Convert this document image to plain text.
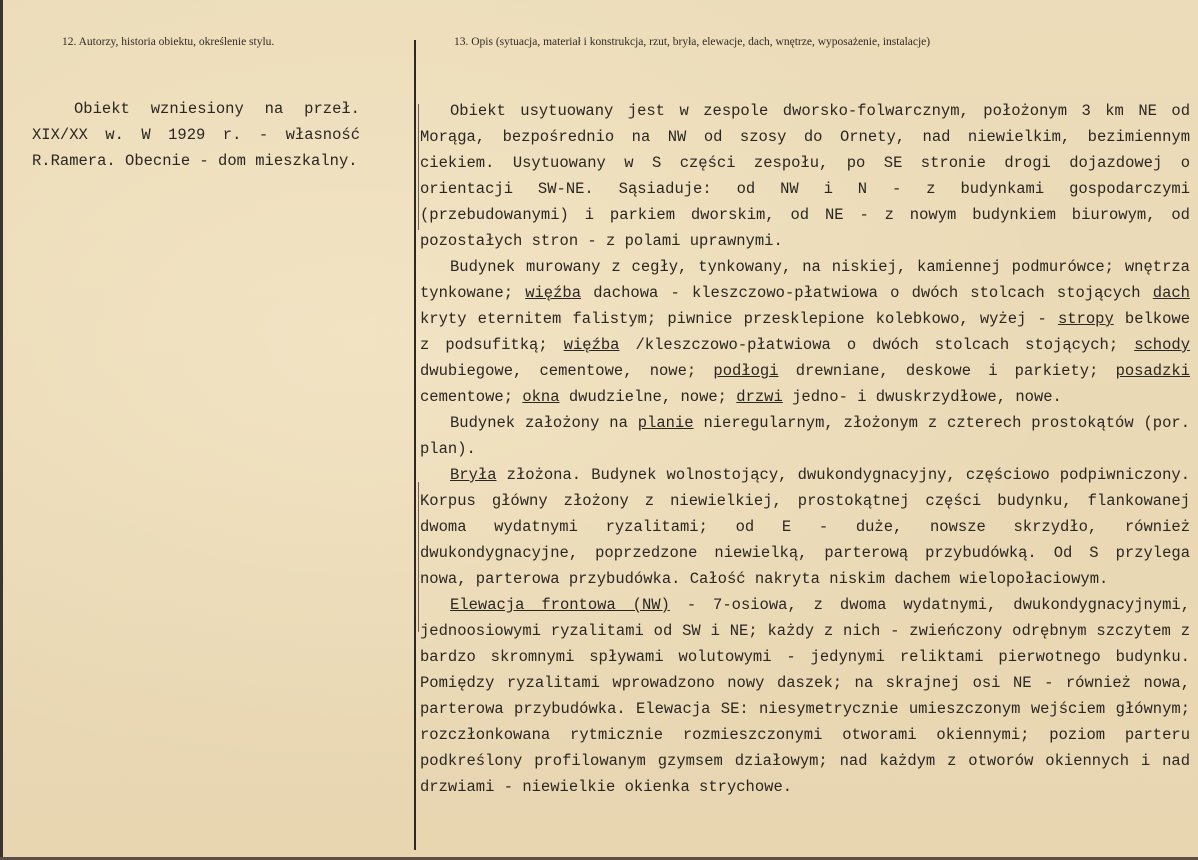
12. Autorzy, historia obiektu, określenie stylu.	13. Opis (sytuacja, materiał i konstrukcja, rzut, bryła, elewacje, dach, wnętrze, wyposażenie, instalacje)

Obiekt wzniesiony na przeł. XIX/XX w. W 1929 r. - własność R.Ramera. Obecnie - dom mieszkalny.

Obiekt usytuowany jest w zespole dworsko-folwarcznym, położonym 3 km NE od Morąga, bezpośrednio na NW od szosy do Ornety, nad niewielkim, bezimiennym ciekiem. Usytuowany w S części zespołu, po SE stronie drogi dojazdowej o orientacji SW-NE. Sąsiaduje: od NW i N - z budynkami gospodarczymi (przebudowanymi) i parkiem dworskim, od NE - z nowym budynkiem biurowym, od pozostałych stron - z polami uprawnymi.

Budynek murowany z cegły, tynkowany, na niskiej, kamiennej podmurówce; wnętrza tynkowane; więźba dachowa - kleszczowo-płatwiowa o dwóch stolcach stojących dach kryty eternitem falistym; piwnice przesklepione kolebkowo, wyżej - stropy belkowe z podsufitką; więźba /kleszczowo-płatwiowa o dwóch stolcach stojących; schody dwubiegowe, cementowe, nowe; podłogi drewniane, deskowe i parkiety; posadzki cementowe; okna dwudzielne, nowe; drzwi jedno- i dwuskrzydłowe, nowe.

Budynek założony na planie nieregularnym, złożonym z czterech prostokątów (por. plan).

Bryła złożona. Budynek wolnostojący, dwukondygnacyjny, częściowo podpiwniczony. Korpus główny złożony z niewielkiej, prostokątnej części budynku, flankowanej dwoma wydatnymi ryzalitami; od E - duże, nowsze skrzydło, również dwukondygnacyjne, poprzedzone niewielką, parterową przybudówką. Od S przylega nowa, parterowa przybudówka. Całość nakryta niskim dachem wielopołaciowym.

Elewacja frontowa (NW) - 7-osiowa, z dwoma wydatnymi, dwukondygnacyjnymi, jednoosiowymi ryzalitami od SW i NE; każdy z nich - zwieńczony odrębnym szczytem z bardzo skromnymi spływami wolutowymi - jedynymi reliktami pierwotnego budynku. Pomiędzy ryzalitami wprowadzono nowy daszek; na skrajnej osi NE - również nowa, parterowa przybudówka. Elewacja SE: niesymetrycznie umieszczonym wejściem głównym; rozczłonkowana rytmicznie rozmieszczonymi otworami okiennymi; poziom parteru podkreślony profilowanym gzymsem działowym; nad każdym z otworów okiennych i nad drzwiami - niewielkie okienka strychowe.
